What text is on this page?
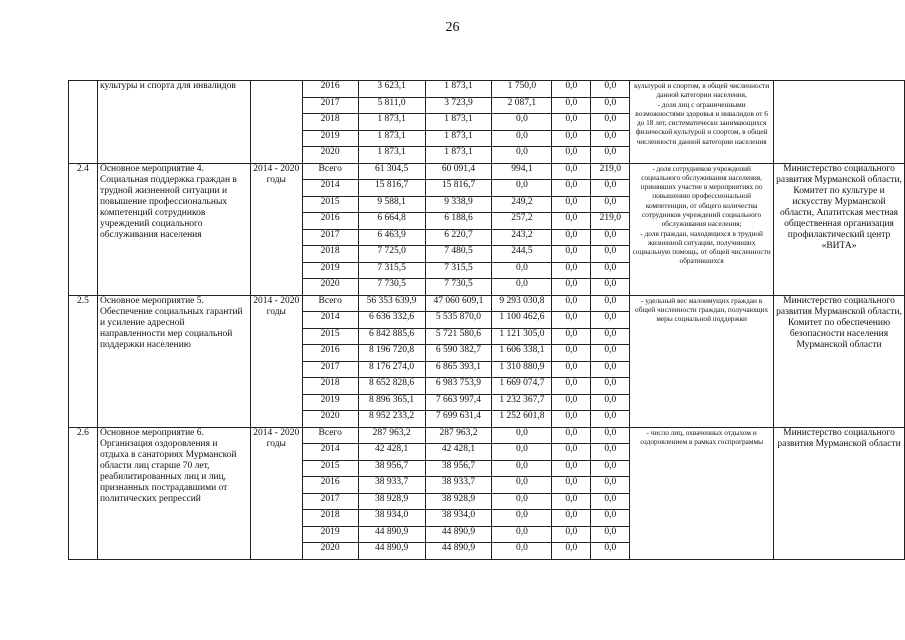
26
	культуры и спорта для инвалидов		2016	3 623,1	1 873,1	1 750,0	0,0	0,0	культурой и спортом, в общей численности данной категории населения,
- доля лиц с ограниченными возможностями здоровья и инвалидов от 6 до 18 лет, систематически занимающихся физической культурой и спортом, в общей численности данной категории населения	
			2017	5 811,0	3 723,9	2 087,1	0,0	0,0		
			2018	1 873,1	1 873,1	0,0	0,0	0,0		
			2019	1 873,1	1 873,1	0,0	0,0	0,0		
			2020	1 873,1	1 873,1	0,0	0,0	0,0		
2.4	Основное мероприятие 4. Социальная поддержка граждан в трудной жизненной ситуации и повышение профессиональных компетенций сотрудников учреждений социального обслуживания населения	2014 - 2020 годы	Всего	61 304,5	60 091,4	994,1	0,0	219,0	- доля сотрудников учреждений социального обслуживания населения, принявших участие в мероприятиях по повышению профессиональной компетенции, от общего количества сотрудников учреждений социального обслуживания населения;
- доля граждан, находящихся в трудной жизненной ситуации, получивших социальную помощь, от общей численности обратившихся	Министерство социального развития Мурманской области, Комитет по культуре и искусству Мурманской области, Апатитская местная общественная организация профилактический центр «ВИТА»
			2014	15 816,7	15 816,7	0,0	0,0	0,0		
			2015	9 588,1	9 338,9	249,2	0,0	0,0		
			2016	6 664,8	6 188,6	257,2	0,0	219,0		
			2017	6 463,9	6 220,7	243,2	0,0	0,0		
			2018	7 725,0	7 480,5	244,5	0,0	0,0		
			2019	7 315,5	7 315,5	0,0	0,0	0,0		
			2020	7 730,5	7 730,5	0,0	0,0	0,0		
2.5	Основное мероприятие 5. Обеспечение социальных гарантий и усиление адресной направленности мер социальной поддержки населению	2014 - 2020 годы	Всего	56 353 639,9	47 060 609,1	9 293 030,8	0,0	0,0	- удельный вес малоимущих граждан в общей численности граждан, получающих меры социальной поддержки	Министерство социального развития Мурманской области, Комитет по обеспечению безопасности населения Мурманской области
			2014	6 636 332,6	5 535 870,0	1 100 462,6	0,0	0,0		
			2015	6 842 885,6	5 721 580,6	1 121 305,0	0,0	0,0		
			2016	8 196 720,8	6 590 382,7	1 606 338,1	0,0	0,0		
			2017	8 176 274,0	6 865 393,1	1 310 880,9	0,0	0,0		
			2018	8 652 828,6	6 983 753,9	1 669 074,7	0,0	0,0		
			2019	8 896 365,1	7 663 997,4	1 232 367,7	0,0	0,0		
			2020	8 952 233,2	7 699 631,4	1 252 601,8	0,0	0,0		
2.6	Основное мероприятие 6. Организация оздоровления и отдыха в санаториях Мурманской области лиц старше 70 лет, реабилитированных лиц и лиц, признанных пострадавшими от политических репрессий	2014 - 2020 годы	Всего	287 963,2	287 963,2	0,0	0,0	0,0	- число лиц, охваченных отдыхом и оздоровлением в рамках госпрограммы	Министерство социального развития Мурманской области
			2014	42 428,1	42 428,1	0,0	0,0	0,0		
			2015	38 956,7	38 956,7	0,0	0,0	0,0		
			2016	38 933,7	38 933,7	0,0	0,0	0,0		
			2017	38 928,9	38 928,9	0,0	0,0	0,0		
			2018	38 934,0	38 934,0	0,0	0,0	0,0		
			2019	44 890,9	44 890,9	0,0	0,0	0,0		
			2020	44 890,9	44 890,9	0,0	0,0	0,0		
